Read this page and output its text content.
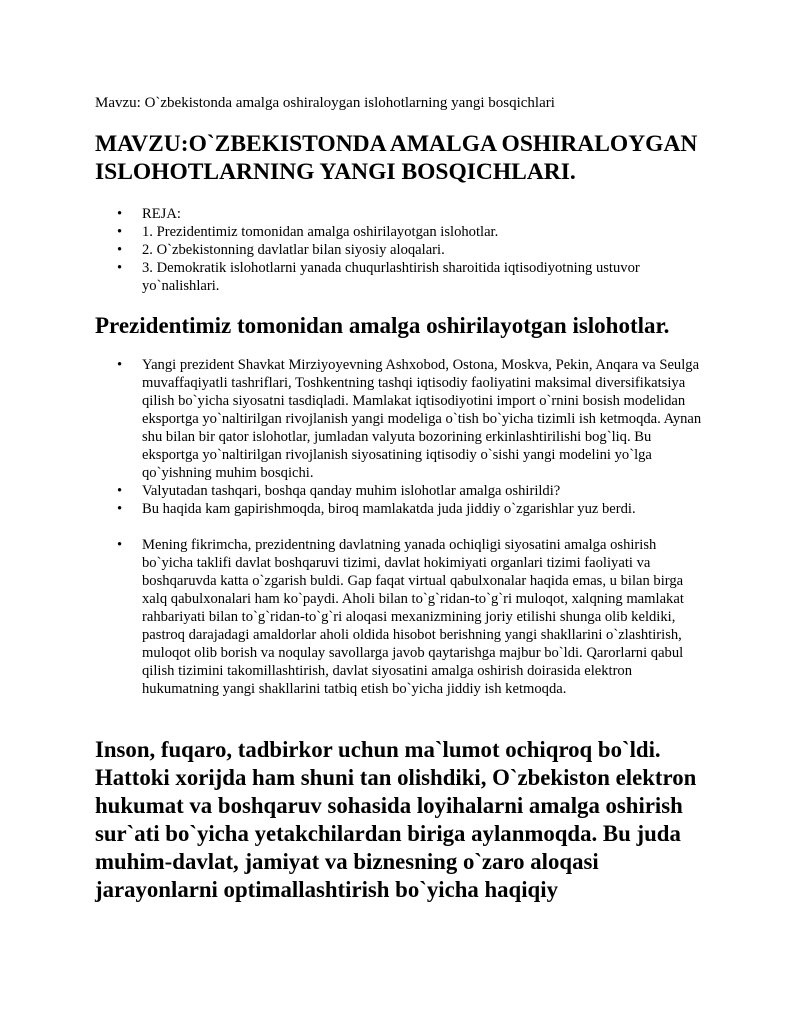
Mavzu: O`zbekistonda amalga oshiraloygan islohotlarning yangi bosqichlari
MAVZU:O`ZBEKISTONDA AMALGA OSHIRALOYGAN ISLOHOTLARNING YANGI BOSQICHLARI.
• REJA:
• 1. Prezidentimiz tomonidan amalga oshirilayotgan islohotlar.
• 2. O`zbekistonning davlatlar bilan siyosiy aloqalari.
• 3. Demokratik islohotlarni yanada chuqurlashtirish sharoitida iqtisodiyotning ustuvor yo`nalishlari.
Prezidentimiz tomonidan amalga oshirilayotgan islohotlar.
• Yangi prezident Shavkat Mirziyoyevning Ashxobod, Ostona, Moskva, Pekin, Anqara va Seulga muvaffaqiyatli tashriflari, Toshkentning tashqi iqtisodiy faoliyatini maksimal diversifikatsiya qilish bo`yicha siyosatni tasdiqladi. Mamlakat iqtisodiyotini import o`rnini bosish modelidan eksportga yo`naltirilgan rivojlanish yangi modeliga o`tish bo`yicha tizimli ish ketmoqda. Aynan shu bilan bir qator islohotlar, jumladan valyuta bozorining erkinlashtirilishi bog`liq. Bu eksportga yo`naltirilgan rivojlanish siyosatining iqtisodiy o`sishi yangi modelini yo`lga qo`yishning muhim bosqichi.
• Valyutadan tashqari, boshqa qanday muhim islohotlar amalga oshirildi?
• Bu haqida kam gapirishmoqda, biroq mamlakatda juda jiddiy o`zgarishlar yuz berdi.
• Mening fikrimcha, prezidentning davlatning yanada ochiqligi siyosatini amalga oshirish bo`yicha taklifi davlat boshqaruvi tizimi, davlat hokimiyati organlari tizimi faoliyati va boshqaruvda katta o`zgarish buldi. Gap faqat virtual qabulxonalar haqida emas, u bilan birga xalq qabulxonalari ham ko`paydi. Aholi bilan to`g`ridan-to`g`ri muloqot, xalqning mamlakat rahbariyati bilan to`g`ridan-to`g`ri aloqasi mexanizmining joriy etilishi shunga olib keldiki, pastroq darajadagi amaldorlar aholi oldida hisobot berishning yangi shakllarini o`zlashtirish, muloqot olib borish va noqulay savollarga javob qaytarishga majbur bo`ldi. Qarorlarni qabul qilish tizimini takomillashtirish, davlat siyosatini amalga oshirish doirasida elektron hukumatning yangi shakllarini tatbiq etish bo`yicha jiddiy ish ketmoqda.
Inson, fuqaro, tadbirkor uchun ma`lumot ochiqroq bo`ldi. Hattoki xorijda ham shuni tan olishdiki, O`zbekiston elektron hukumat va boshqaruv sohasida loyihalarni amalga oshirish sur`ati bo`yicha yetakchilardan biriga aylanmoqda. Bu juda muhim-davlat, jamiyat va biznesning o`zaro aloqasi jarayonlarni optimallashtirish bo`yicha haqiqiy
